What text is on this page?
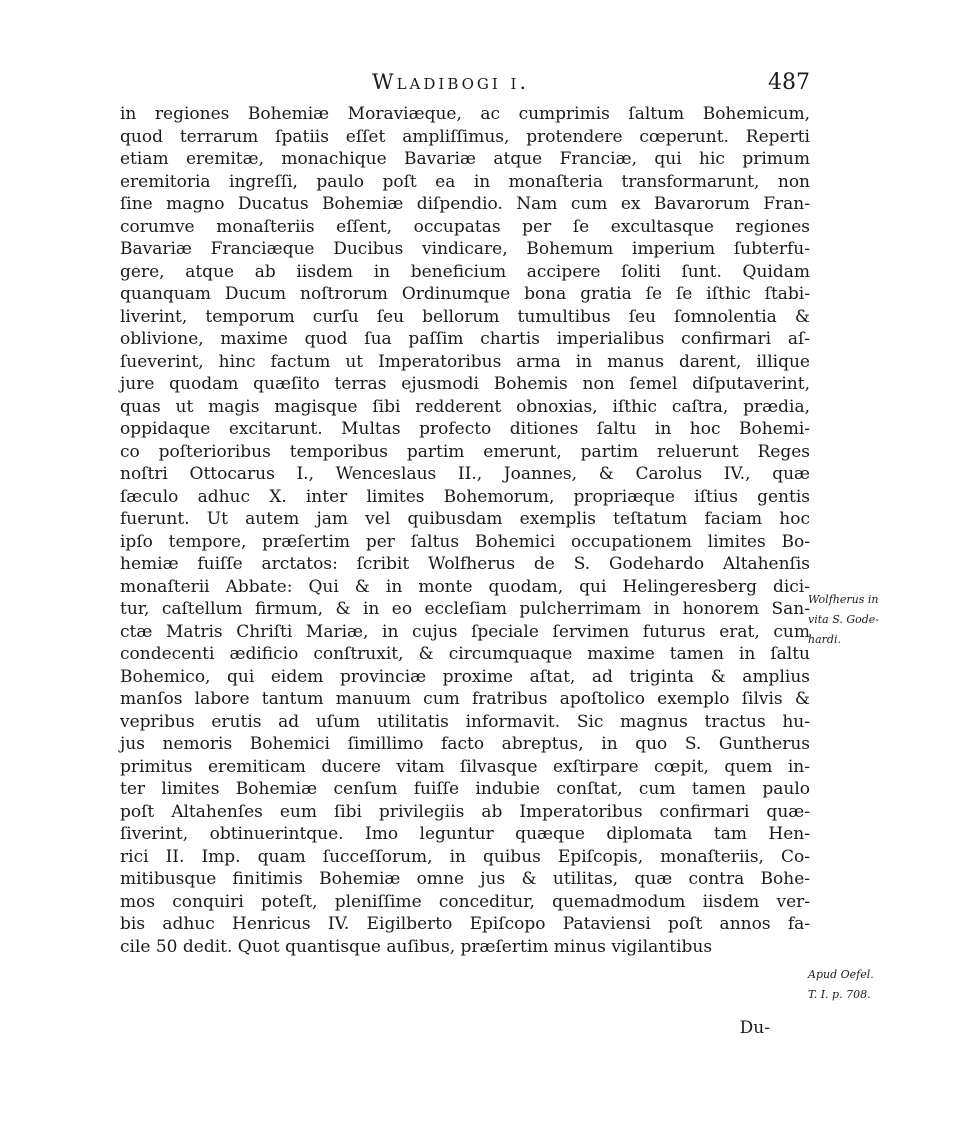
Wladibogi i.	487
in regiones Bohemiæ Moraviæque, ac cumprimis ſaltum Bohemicum,
quod terrarum ſpatiis eſſet ampliſſimus, protendere cœperunt. Reperti
etiam eremitæ, monachique Bavariæ atque Franciæ, qui hic primum
eremitoria ingreſſi, paulo poſt ea in monaſteria transformarunt, non
ſine magno Ducatus Bohemiæ diſpendio. Nam cum ex Bavarorum Fran-
corumve monaſteriis eſſent, occupatas per ſe excultasque regiones
Bavariæ Franciæque Ducibus vindicare, Bohemum imperium ſubterfu-
gere, atque ab iisdem in beneficium accipere ſoliti ſunt. Quidam
quanquam Ducum noſtrorum Ordinumque bona gratia ſe ſe iſthic ſtabi-
liverint, temporum curſu ſeu bellorum tumultibus ſeu ſomnolentia &
oblivione, maxime quod ſua paſſim chartis imperialibus confirmari aſ-
ſueverint, hinc factum ut Imperatoribus arma in manus darent, illique
jure quodam quæſito terras ejusmodi Bohemis non ſemel diſputaverint,
quas ut magis magisque ſibi redderent obnoxias, iſthic caſtra, prædia,
oppidaque excitarunt. Multas profecto ditiones ſaltu in hoc Bohemi-
co poſterioribus temporibus partim emerunt, partim reluerunt Reges
noſtri Ottocarus I., Wenceslaus II., Joannes, & Carolus IV., quæ
ſæculo adhuc X. inter limites Bohemorum, propriæque iſtius gentis
fuerunt. Ut autem jam vel quibusdam exemplis teſtatum faciam hoc
ipſo tempore, præſertim per ſaltus Bohemici occupationem limites Bo-
hemiæ fuiſſe arctatos: ſcribit Wolfherus de S. Godehardo Altahenſis
monaſterii Abbate: Qui & in monte quodam, qui Helingeresberg dici-
tur, caſtellum firmum, & in eo eccleſiam pulcherrimam in honorem San-
ctæ Matris Chriſti Mariæ, in cujus ſpeciale ſervimen futurus erat, cum
condecenti ædificio conſtruxit, & circumquaque maxime tamen in ſaltu
Bohemico, qui eidem provinciæ proxime aſtat, ad triginta & amplius
manſos labore tantum manuum cum fratribus apoſtolico exemplo ſilvis &
vepribus erutis ad uſum utilitatis informavit. Sic magnus tractus hu-
jus nemoris Bohemici ſimillimo facto abreptus, in quo S. Guntherus
primitus eremiticam ducere vitam ſilvasque exſtirpare cœpit, quem in-
ter limites Bohemiæ cenſum fuiſſe indubie conſtat, cum tamen paulo
poſt Altahenſes eum ſibi privilegiis ab Imperatoribus confirmari quæ-
ſiverint, obtinuerintque. Imo leguntur quæque diplomata tam Hen-
rici II. Imp. quam ſucceſſorum, in quibus Epiſcopis, monaſteriis, Co-
mitibusque finitimis Bohemiæ omne jus & utilitas, quæ contra Bohe-
mos conquiri poteſt, pleniſſime conceditur, quemadmodum iisdem ver-
bis adhuc Henricus IV. Eigilberto Epiſcopo Pataviensi poſt annos fa-
cile 50 dedit. Quot quantisque auſibus, præſertim minus vigilantibus
Du-
Wolfherus in
vita S. Gode-
hardi.
Apud Oefel.
T. I. p. 708.
